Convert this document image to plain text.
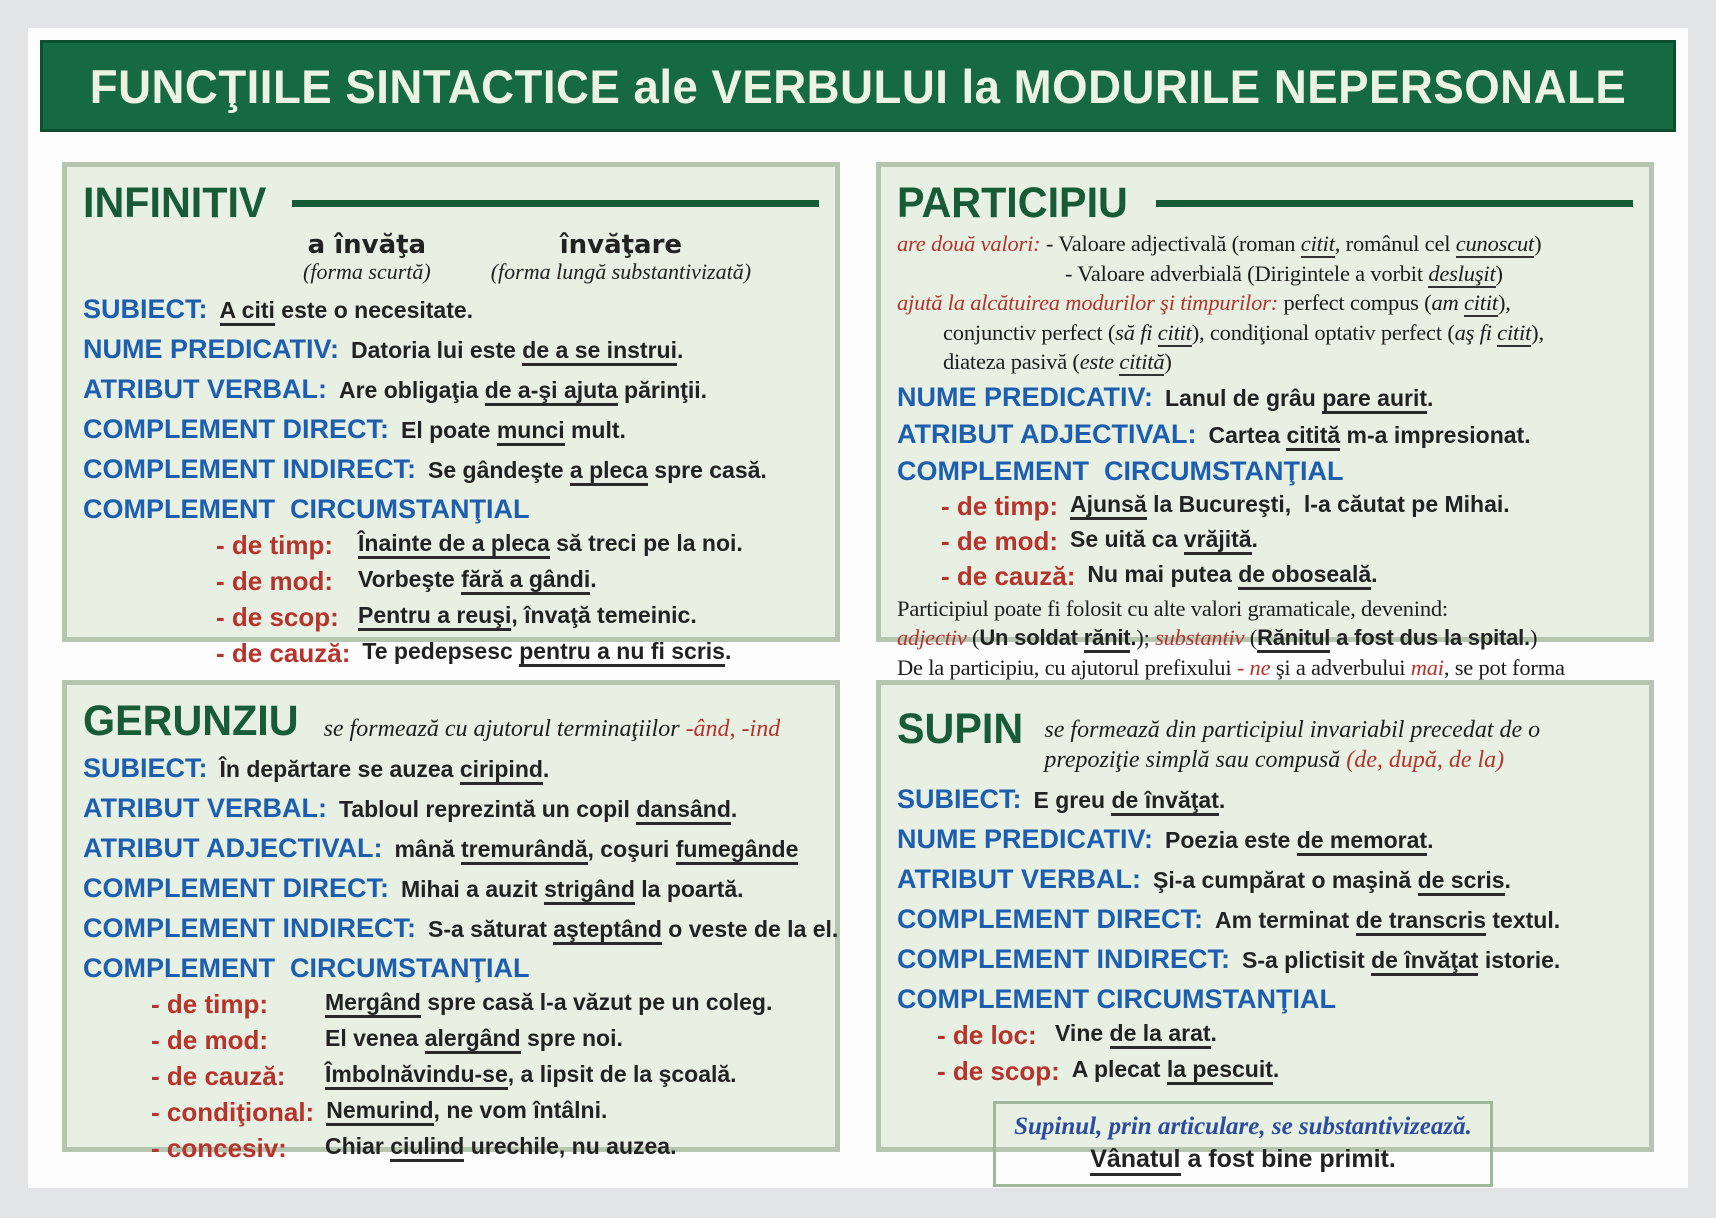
FUNCŢIILE SINTACTICE ale VERBULUI la MODURILE NEPERSONALE
INFINITIV
a învăţa
(forma scurtă)
învăţare
(forma lungă substantivizată)
SUBIECT: A citi este o necesitate.
NUME PREDICATIV: Datoria lui este de a se instrui.
ATRIBUT VERBAL: Are obligaţia de a-şi ajuta părinţii.
COMPLEMENT DIRECT: El poate munci mult.
COMPLEMENT INDIRECT: Se gândeşte a pleca spre casă.
COMPLEMENT  CIRCUMSTANŢIAL
- de timp:	Înainte de a pleca să treci pe la noi.
- de mod:	Vorbeşte fără a gândi.
- de scop: Pentru a reuşi, învaţă temeinic.
- de cauză: Te pedepsesc pentru a nu fi scris.
PARTICIPIU
are două valori: - Valoare adjectivală (roman citit, românul cel cunoscut)
- Valoare adverbială (Dirigintele a vorbit desluşit)
ajută la alcătuirea modurilor şi timpurilor: perfect compus (am citit),
conjunctiv perfect (să fi citit), condiţional optativ perfect (aş fi citit),
diateza pasivă (este citită)
NUME PREDICATIV: Lanul de grâu pare aurit.
ATRIBUT ADJECTIVAL: Cartea citită m-a impresionat.
COMPLEMENT  CIRCUMSTANŢIAL
- de timp: Ajunsă la Bucureşti,  l-a căutat pe Mihai.
- de mod: Se uită ca vrăjită.
- de cauză: Nu mai putea de oboseală.
Participiul poate fi folosit cu alte valori gramaticale, devenind:
adjectiv (Un soldat rănit.); substantiv (Rănitul a fost dus la spital.)
De la participiu, cu ajutorul prefixului - ne şi a adverbului mai, se pot forma
GERUNZIU se formează cu ajutorul terminaţiilor -ând, -ind
SUBIECT: În depărtare se auzea ciripind.
ATRIBUT VERBAL: Tabloul reprezintă un copil dansând.
ATRIBUT ADJECTIVAL: mână tremurândă, coşuri fumegânde
COMPLEMENT DIRECT: Mihai a auzit strigând la poartă.
COMPLEMENT INDIRECT: S-a săturat aşteptând o veste de la el.
COMPLEMENT  CIRCUMSTANŢIAL
- de timp:	Mergând spre casă l-a văzut pe un coleg.
- de mod:	El venea alergând spre noi.
- de cauză:	Îmbolnăvindu-se, a lipsit de la şcoală.
- condiţional: Nemurind, ne vom întâlni.
- concesiv:	Chiar ciulind urechile, nu auzea.
SUPIN se formează din participiul invariabil precedat de o
prepoziţie simplă sau compusă (de, după, de la)
SUBIECT: E greu de învăţat.
NUME PREDICATIV: Poezia este de memorat.
ATRIBUT VERBAL: Şi-a cumpărat o maşină de scris.
COMPLEMENT DIRECT: Am terminat de transcris textul.
COMPLEMENT INDIRECT: S-a plictisit de învăţat istorie.
COMPLEMENT CIRCUMSTANŢIAL
- de loc: Vine de la arat.
- de scop: A plecat la pescuit.
Supinul, prin articulare, se substantivizează.
Vânatul a fost bine primit.
